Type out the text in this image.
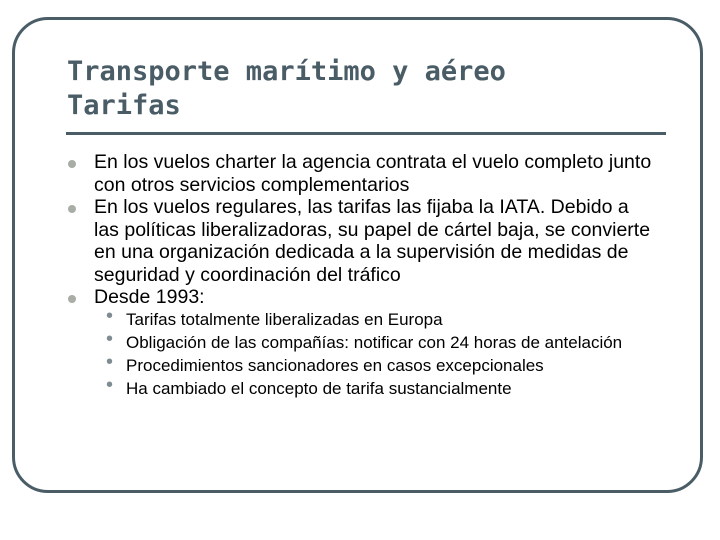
Transporte marítimo y aéreo
Tarifas
En los vuelos charter la agencia contrata el vuelo completo junto con otros servicios complementarios
En los vuelos regulares, las tarifas las fijaba la IATA. Debido a las políticas liberalizadoras, su papel de cártel baja, se convierte en una organización dedicada a la supervisión de medidas de seguridad y coordinación del tráfico
Desde 1993:
• Tarifas totalmente liberalizadas en Europa
• Obligación de las compañías: notificar con 24 horas de antelación
• Procedimientos sancionadores en casos excepcionales
• Ha cambiado el concepto de tarifa sustancialmente
